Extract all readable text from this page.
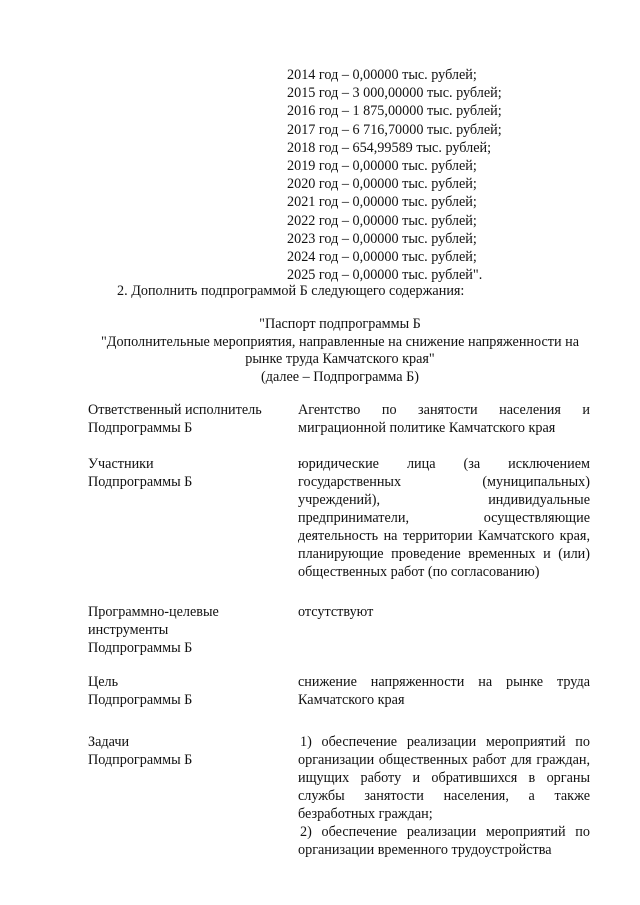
2014 год – 0,00000 тыс. рублей;
2015 год – 3 000,00000 тыс. рублей;
2016 год – 1 875,00000 тыс. рублей;
2017 год – 6 716,70000 тыс. рублей;
2018 год – 654,99589 тыс. рублей;
2019 год – 0,00000 тыс. рублей;
2020 год – 0,00000 тыс. рублей;
2021 год – 0,00000 тыс. рублей;
2022 год – 0,00000 тыс. рублей;
2023 год – 0,00000 тыс. рублей;
2024 год – 0,00000 тыс. рублей;
2025 год – 0,00000 тыс. рублей".
2. Дополнить подпрограммой Б следующего содержания:
"Паспорт подпрограммы Б
"Дополнительные мероприятия, направленные на снижение напряженности на
рынке труда Камчатского края"
(далее – Подпрограмма Б)
Ответственный исполнитель
Подпрограммы Б
Агентство по занятости населения и миграционной политике Камчатского края
Участники
Подпрограммы Б
юридические лица (за исключением государственных (муниципальных) учреждений), индивидуальные предприниматели, осуществляющие деятельность на территории Камчатского края, планирующие проведение временных и (или) общественных работ (по согласованию)
Программно-целевые
инструменты
Подпрограммы Б
отсутствуют
Цель
Подпрограммы Б
снижение напряженности на рынке труда Камчатского края
Задачи
Подпрограммы Б

1) обеспечение реализации мероприятий по организации общественных работ для граждан, ищущих работу и обратившихся в органы службы занятости населения, а также безработных граждан;

2) обеспечение реализации мероприятий по организации временного трудоустройства
